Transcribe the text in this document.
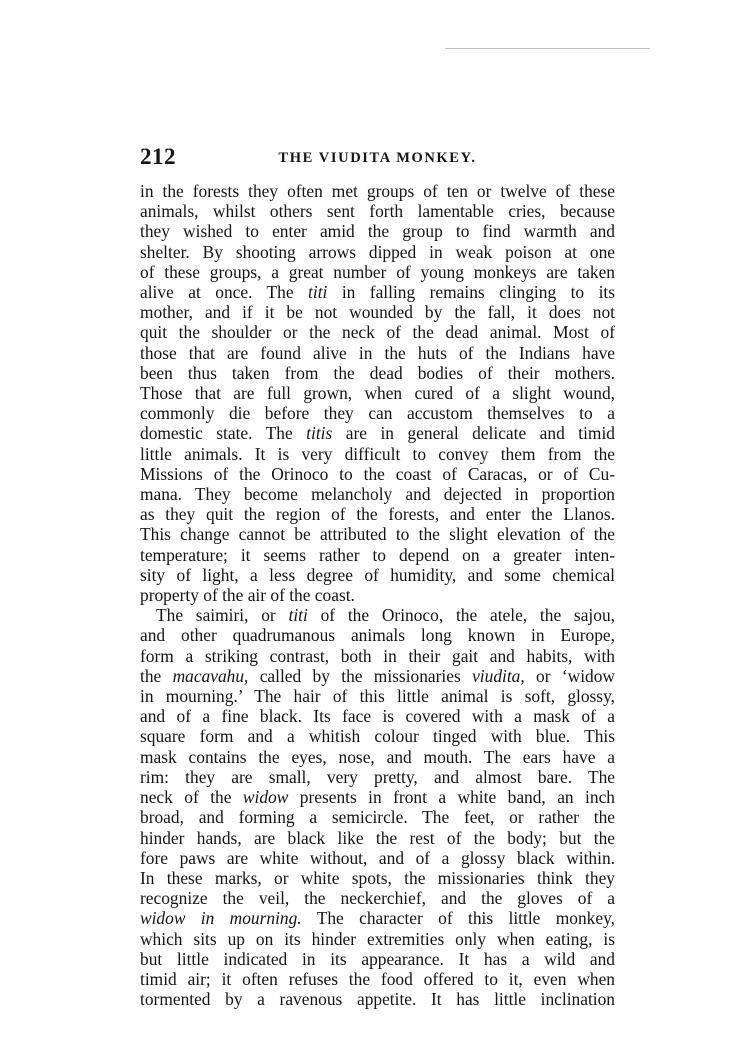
212	THE VIUDITA MONKEY.
in the forests they often met groups of ten or twelve of these
animals, whilst others sent forth lamentable cries, because
they wished to enter amid the group to find warmth and
shelter. By shooting arrows dipped in weak poison at one
of these groups, a great number of young monkeys are taken
alive at once. The titi in falling remains clinging to its
mother, and if it be not wounded by the fall, it does not
quit the shoulder or the neck of the dead animal. Most of
those that are found alive in the huts of the Indians have
been thus taken from the dead bodies of their mothers.
Those that are full grown, when cured of a slight wound,
commonly die before they can accustom themselves to a
domestic state. The titis are in general delicate and timid
little animals. It is very difficult to convey them from the
Missions of the Orinoco to the coast of Caracas, or of Cu-
mana. They become melancholy and dejected in proportion
as they quit the region of the forests, and enter the Llanos.
This change cannot be attributed to the slight elevation of the
temperature; it seems rather to depend on a greater inten-
sity of light, a less degree of humidity, and some chemical
property of the air of the coast.
The saimiri, or titi of the Orinoco, the atele, the sajou,
and other quadrumanous animals long known in Europe,
form a striking contrast, both in their gait and habits, with
the macavahu, called by the missionaries viudita, or ‘widow
in mourning.’ The hair of this little animal is soft, glossy,
and of a fine black. Its face is covered with a mask of a
square form and a whitish colour tinged with blue. This
mask contains the eyes, nose, and mouth. The ears have a
rim: they are small, very pretty, and almost bare. The
neck of the widow presents in front a white band, an inch
broad, and forming a semicircle. The feet, or rather the
hinder hands, are black like the rest of the body; but the
fore paws are white without, and of a glossy black within.
In these marks, or white spots, the missionaries think they
recognize the veil, the neckerchief, and the gloves of a
widow in mourning. The character of this little monkey,
which sits up on its hinder extremities only when eating, is
but little indicated in its appearance. It has a wild and
timid air; it often refuses the food offered to it, even when
tormented by a ravenous appetite. It has little inclination
